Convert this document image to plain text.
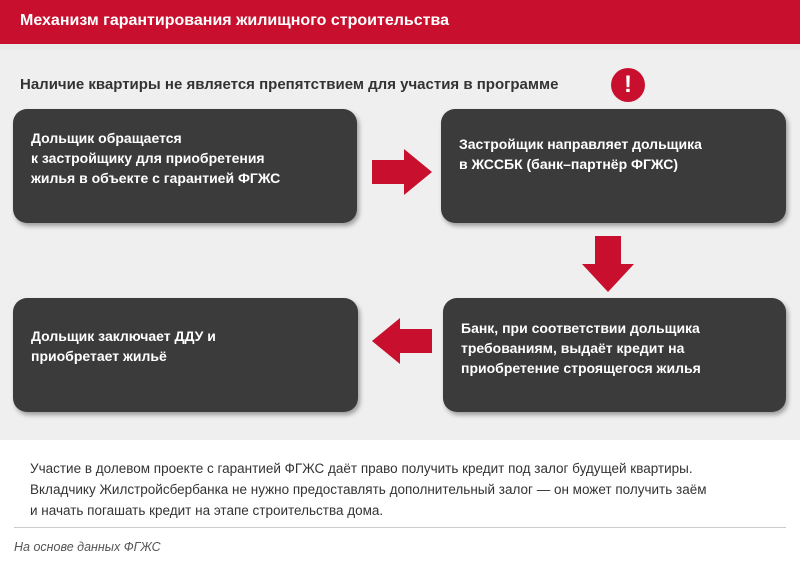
Механизм гарантирования жилищного строительства
Наличие квартиры не является препятствием для участия в программе	!
Дольщик обращается
к застройщику для приобретения
жилья в объекте с гарантией ФГЖС
Застройщик направляет дольщика
в ЖССБК (банк–партнёр ФГЖС)
Банк, при соответствии дольщика
требованиям, выдаёт кредит на
приобретение строящегося жилья
Дольщик заключает ДДУ и
приобретает жильё
Участие в долевом проекте с гарантией ФГЖС даёт право получить кредит под залог будущей квартиры.
Вкладчику Жилстройсбербанка не нужно предоставлять дополнительный залог — он может получить заём
и начать погашать кредит на этапе строительства дома.
На основе данных ФГЖС
